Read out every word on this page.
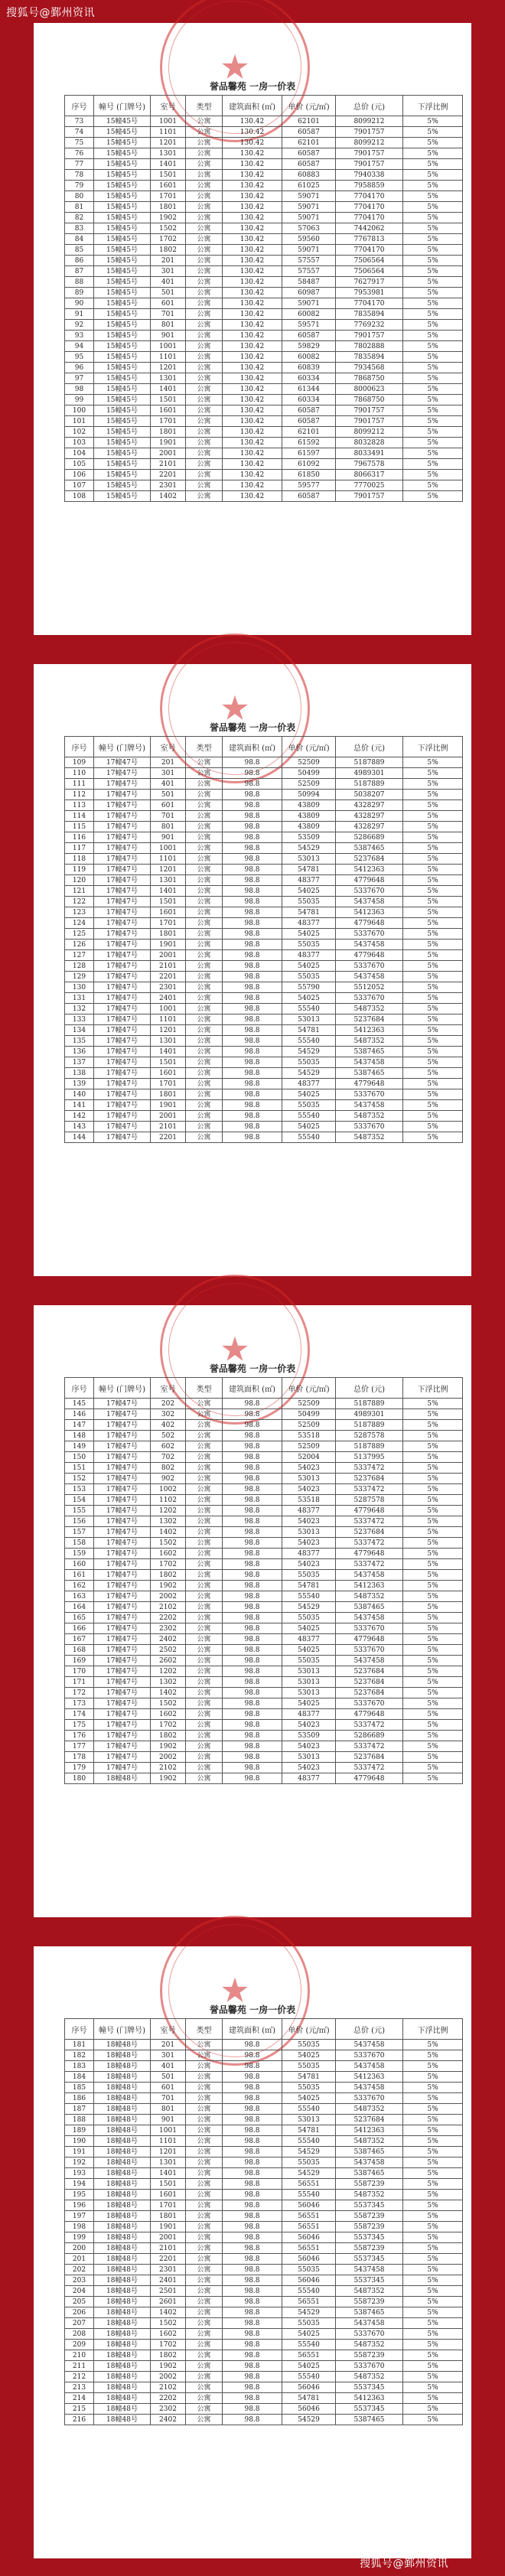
搜狐号@鄞州资讯
★
誉品馨苑 一房一价表
序号	幢号 (门牌号)	室号	类型	建筑面积 (㎡)	单价 (元/㎡)	总价 (元)	下浮比例
73	15幢45号	1001	公寓	130.42	62101	8099212	5%
74	15幢45号	1101	公寓	130.42	60587	7901757	5%
75	15幢45号	1201	公寓	130.42	62101	8099212	5%
76	15幢45号	1301	公寓	130.42	60587	7901757	5%
77	15幢45号	1401	公寓	130.42	60587	7901757	5%
78	15幢45号	1501	公寓	130.42	60883	7940338	5%
79	15幢45号	1601	公寓	130.42	61025	7958859	5%
80	15幢45号	1701	公寓	130.42	59071	7704170	5%
81	15幢45号	1801	公寓	130.42	59071	7704170	5%
82	15幢45号	1902	公寓	130.42	59071	7704170	5%
83	15幢45号	1502	公寓	130.42	57063	7442062	5%
84	15幢45号	1702	公寓	130.42	59560	7767813	5%
85	15幢45号	1802	公寓	130.42	59071	7704170	5%
86	15幢45号	201	公寓	130.42	57557	7506564	5%
87	15幢45号	301	公寓	130.42	57557	7506564	5%
88	15幢45号	401	公寓	130.42	58487	7627917	5%
89	15幢45号	501	公寓	130.42	60987	7953981	5%
90	15幢45号	601	公寓	130.42	59071	7704170	5%
91	15幢45号	701	公寓	130.42	60082	7835894	5%
92	15幢45号	801	公寓	130.42	59571	7769232	5%
93	15幢45号	901	公寓	130.42	60587	7901757	5%
94	15幢45号	1001	公寓	130.42	59829	7802888	5%
95	15幢45号	1101	公寓	130.42	60082	7835894	5%
96	15幢45号	1201	公寓	130.42	60839	7934568	5%
97	15幢45号	1301	公寓	130.42	60334	7868750	5%
98	15幢45号	1401	公寓	130.42	61344	8000623	5%
99	15幢45号	1501	公寓	130.42	60334	7868750	5%
100	15幢45号	1601	公寓	130.42	60587	7901757	5%
101	15幢45号	1701	公寓	130.42	60587	7901757	5%
102	15幢45号	1801	公寓	130.42	62101	8099212	5%
103	15幢45号	1901	公寓	130.42	61592	8032828	5%
104	15幢45号	2001	公寓	130.42	61597	8033491	5%
105	15幢45号	2101	公寓	130.42	61092	7967578	5%
106	15幢45号	2201	公寓	130.42	61850	8066317	5%
107	15幢45号	2301	公寓	130.42	59577	7770025	5%
108	15幢45号	1402	公寓	130.42	60587	7901757	5%
★
誉品馨苑 一房一价表
序号	幢号 (门牌号)	室号	类型	建筑面积 (㎡)	单价 (元/㎡)	总价 (元)	下浮比例
109	17幢47号	201	公寓	98.8	52509	5187889	5%
110	17幢47号	301	公寓	98.8	50499	4989301	5%
111	17幢47号	401	公寓	98.8	52509	5187889	5%
112	17幢47号	501	公寓	98.8	50994	5038207	5%
113	17幢47号	601	公寓	98.8	43809	4328297	5%
114	17幢47号	701	公寓	98.8	43809	4328297	5%
115	17幢47号	801	公寓	98.8	43809	4328297	5%
116	17幢47号	901	公寓	98.8	53509	5286689	5%
117	17幢47号	1001	公寓	98.8	54529	5387465	5%
118	17幢47号	1101	公寓	98.8	53013	5237684	5%
119	17幢47号	1201	公寓	98.8	54781	5412363	5%
120	17幢47号	1301	公寓	98.8	48377	4779648	5%
121	17幢47号	1401	公寓	98.8	54025	5337670	5%
122	17幢47号	1501	公寓	98.8	55035	5437458	5%
123	17幢47号	1601	公寓	98.8	54781	5412363	5%
124	17幢47号	1701	公寓	98.8	48377	4779648	5%
125	17幢47号	1801	公寓	98.8	54025	5337670	5%
126	17幢47号	1901	公寓	98.8	55035	5437458	5%
127	17幢47号	2001	公寓	98.8	48377	4779648	5%
128	17幢47号	2101	公寓	98.8	54025	5337670	5%
129	17幢47号	2201	公寓	98.8	55035	5437458	5%
130	17幢47号	2301	公寓	98.8	55790	5512052	5%
131	17幢47号	2401	公寓	98.8	54025	5337670	5%
132	17幢47号	1001	公寓	98.8	55540	5487352	5%
133	17幢47号	1101	公寓	98.8	53013	5237684	5%
134	17幢47号	1201	公寓	98.8	54781	5412363	5%
135	17幢47号	1301	公寓	98.8	55540	5487352	5%
136	17幢47号	1401	公寓	98.8	54529	5387465	5%
137	17幢47号	1501	公寓	98.8	55035	5437458	5%
138	17幢47号	1601	公寓	98.8	54529	5387465	5%
139	17幢47号	1701	公寓	98.8	48377	4779648	5%
140	17幢47号	1801	公寓	98.8	54025	5337670	5%
141	17幢47号	1901	公寓	98.8	55035	5437458	5%
142	17幢47号	2001	公寓	98.8	55540	5487352	5%
143	17幢47号	2101	公寓	98.8	54025	5337670	5%
144	17幢47号	2201	公寓	98.8	55540	5487352	5%
★
誉品馨苑 一房一价表
序号	幢号 (门牌号)	室号	类型	建筑面积 (㎡)	单价 (元/㎡)	总价 (元)	下浮比例
145	17幢47号	202	公寓	98.8	52509	5187889	5%
146	17幢47号	302	公寓	98.8	50499	4989301	5%
147	17幢47号	402	公寓	98.8	52509	5187889	5%
148	17幢47号	502	公寓	98.8	53518	5287578	5%
149	17幢47号	602	公寓	98.8	52509	5187889	5%
150	17幢47号	702	公寓	98.8	52004	5137995	5%
151	17幢47号	802	公寓	98.8	54023	5337472	5%
152	17幢47号	902	公寓	98.8	53013	5237684	5%
153	17幢47号	1002	公寓	98.8	54023	5337472	5%
154	17幢47号	1102	公寓	98.8	53518	5287578	5%
155	17幢47号	1202	公寓	98.8	48377	4779648	5%
156	17幢47号	1302	公寓	98.8	54023	5337472	5%
157	17幢47号	1402	公寓	98.8	53013	5237684	5%
158	17幢47号	1502	公寓	98.8	54023	5337472	5%
159	17幢47号	1602	公寓	98.8	48377	4779648	5%
160	17幢47号	1702	公寓	98.8	54023	5337472	5%
161	17幢47号	1802	公寓	98.8	55035	5437458	5%
162	17幢47号	1902	公寓	98.8	54781	5412363	5%
163	17幢47号	2002	公寓	98.8	55540	5487352	5%
164	17幢47号	2102	公寓	98.8	54529	5387465	5%
165	17幢47号	2202	公寓	98.8	55035	5437458	5%
166	17幢47号	2302	公寓	98.8	54025	5337670	5%
167	17幢47号	2402	公寓	98.8	48377	4779648	5%
168	17幢47号	2502	公寓	98.8	54025	5337670	5%
169	17幢47号	2602	公寓	98.8	55035	5437458	5%
170	17幢47号	1202	公寓	98.8	53013	5237684	5%
171	17幢47号	1302	公寓	98.8	53013	5237684	5%
172	17幢47号	1402	公寓	98.8	53013	5237684	5%
173	17幢47号	1502	公寓	98.8	54025	5337670	5%
174	17幢47号	1602	公寓	98.8	48377	4779648	5%
175	17幢47号	1702	公寓	98.8	54023	5337472	5%
176	17幢47号	1802	公寓	98.8	53509	5286689	5%
177	17幢47号	1902	公寓	98.8	54023	5337472	5%
178	17幢47号	2002	公寓	98.8	53013	5237684	5%
179	17幢47号	2102	公寓	98.8	54023	5337472	5%
180	18幢48号	1902	公寓	98.8	48377	4779648	5%
★
誉品馨苑 一房一价表
序号	幢号 (门牌号)	室号	类型	建筑面积 (㎡)	单价 (元/㎡)	总价 (元)	下浮比例
181	18幢48号	201	公寓	98.8	55035	5437458	5%
182	18幢48号	301	公寓	98.8	54025	5337670	5%
183	18幢48号	401	公寓	98.8	55035	5437458	5%
184	18幢48号	501	公寓	98.8	54781	5412363	5%
185	18幢48号	601	公寓	98.8	55035	5437458	5%
186	18幢48号	701	公寓	98.8	54025	5337670	5%
187	18幢48号	801	公寓	98.8	55540	5487352	5%
188	18幢48号	901	公寓	98.8	53013	5237684	5%
189	18幢48号	1001	公寓	98.8	54781	5412363	5%
190	18幢48号	1101	公寓	98.8	55540	5487352	5%
191	18幢48号	1201	公寓	98.8	54529	5387465	5%
192	18幢48号	1301	公寓	98.8	55035	5437458	5%
193	18幢48号	1401	公寓	98.8	54529	5387465	5%
194	18幢48号	1501	公寓	98.8	56551	5587239	5%
195	18幢48号	1601	公寓	98.8	55540	5487352	5%
196	18幢48号	1701	公寓	98.8	56046	5537345	5%
197	18幢48号	1801	公寓	98.8	56551	5587239	5%
198	18幢48号	1901	公寓	98.8	56551	5587239	5%
199	18幢48号	2001	公寓	98.8	56046	5537345	5%
200	18幢48号	2101	公寓	98.8	56551	5587239	5%
201	18幢48号	2201	公寓	98.8	56046	5537345	5%
202	18幢48号	2301	公寓	98.8	55035	5437458	5%
203	18幢48号	2401	公寓	98.8	56046	5537345	5%
204	18幢48号	2501	公寓	98.8	55540	5487352	5%
205	18幢48号	2601	公寓	98.8	56551	5587239	5%
206	18幢48号	1402	公寓	98.8	54529	5387465	5%
207	18幢48号	1502	公寓	98.8	55035	5437458	5%
208	18幢48号	1602	公寓	98.8	54025	5337670	5%
209	18幢48号	1702	公寓	98.8	55540	5487352	5%
210	18幢48号	1802	公寓	98.8	56551	5587239	5%
211	18幢48号	1902	公寓	98.8	54025	5337670	5%
212	18幢48号	2002	公寓	98.8	55540	5487352	5%
213	18幢48号	2102	公寓	98.8	56046	5537345	5%
214	18幢48号	2202	公寓	98.8	54781	5412363	5%
215	18幢48号	2302	公寓	98.8	56046	5537345	5%
216	18幢48号	2402	公寓	98.8	54529	5387465	5%
搜狐号@鄞州资讯
